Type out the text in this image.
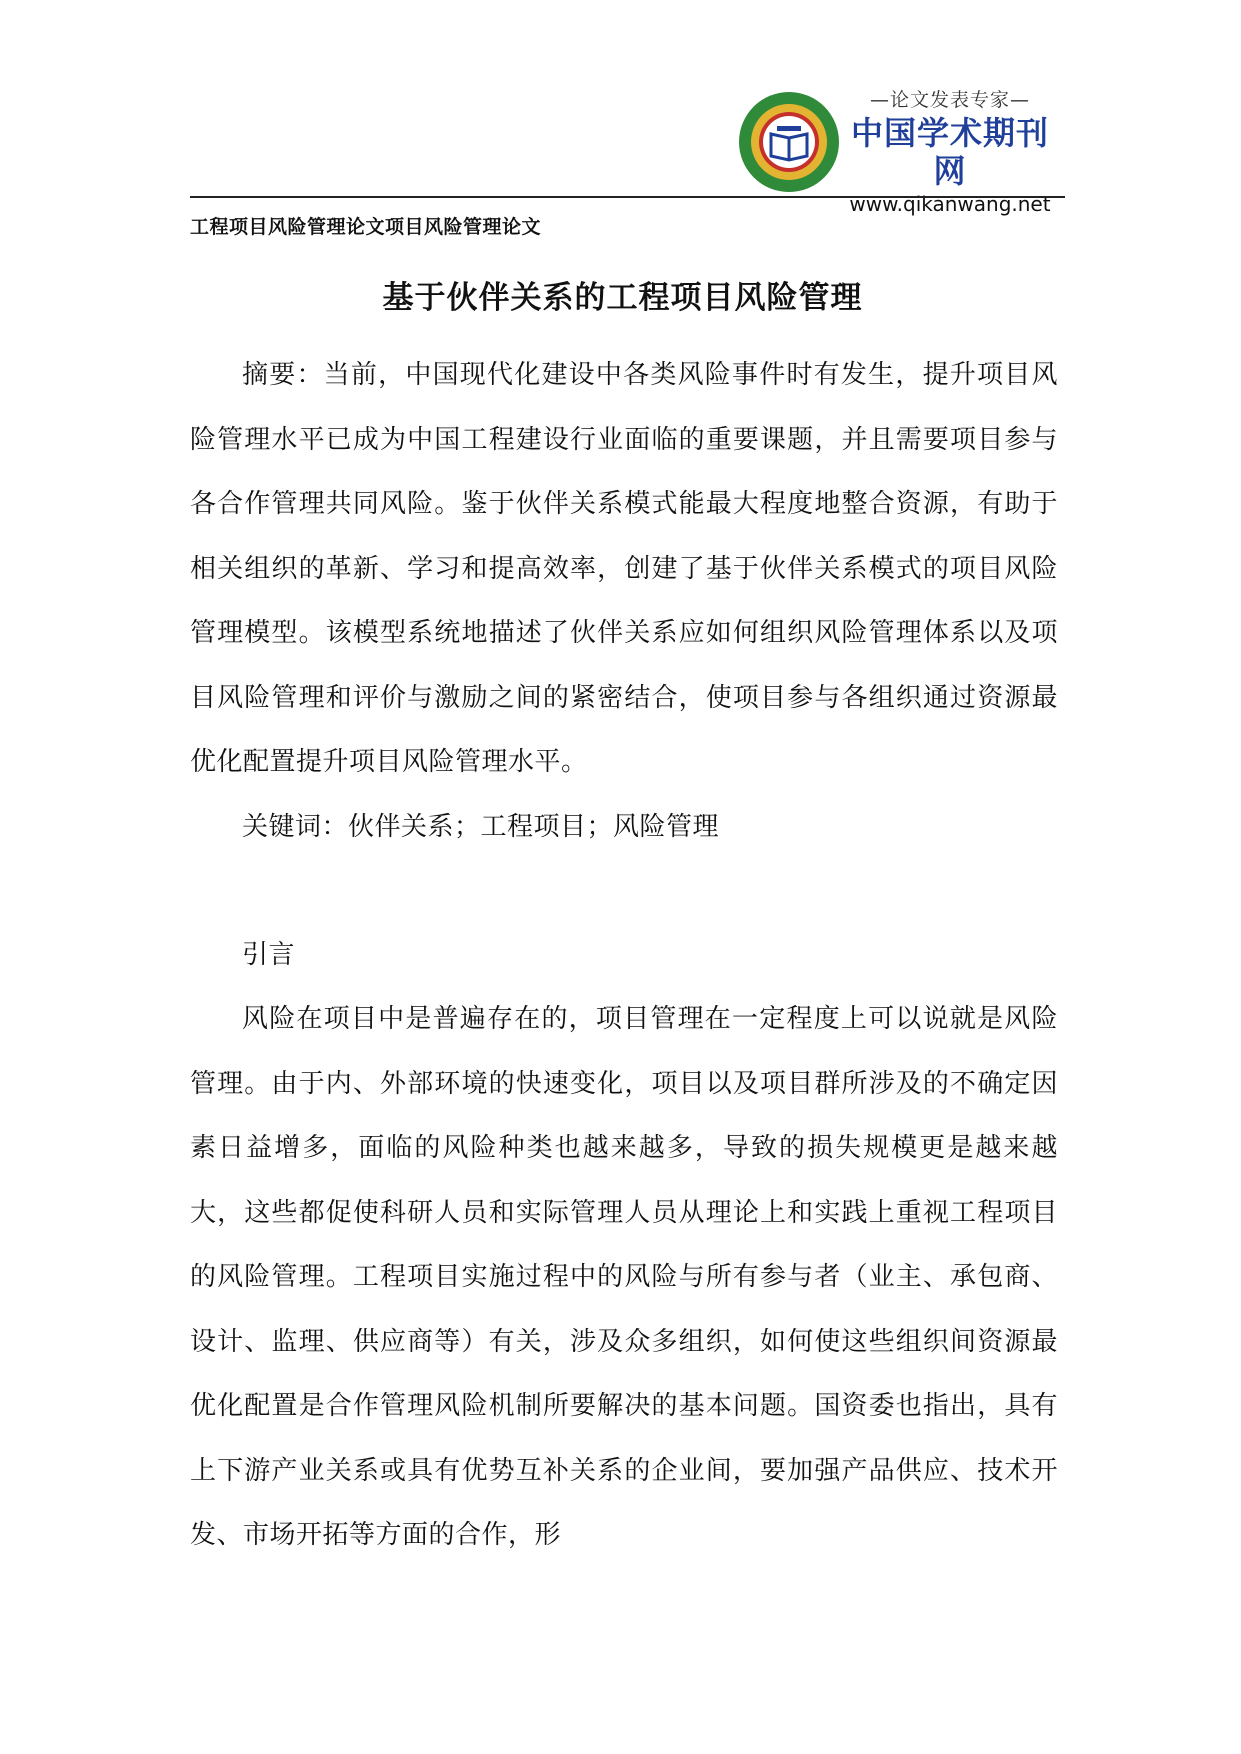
—论文发表专家—
中国学术期刊网
www.qikanwang.net
工程项目风险管理论文项目风险管理论文
基于伙伴关系的工程项目风险管理

摘要：当前，中国现代化建设中各类风险事件时有发生，提升项目风险管理水平已成为中国工程建设行业面临的重要课题，并且需要项目参与各合作管理共同风险。鉴于伙伴关系模式能最大程度地整合资源，有助于相关组织的革新、学习和提高效率，创建了基于伙伴关系模式的项目风险管理模型。该模型系统地描述了伙伴关系应如何组织风险管理体系以及项目风险管理和评价与激励之间的紧密结合，使项目参与各组织通过资源最优化配置提升项目风险管理水平。

关键词：伙伴关系；工程项目；风险管理

引言

风险在项目中是普遍存在的，项目管理在一定程度上可以说就是风险管理。由于内、外部环境的快速变化，项目以及项目群所涉及的不确定因素日益增多，面临的风险种类也越来越多，导致的损失规模更是越来越大，这些都促使科研人员和实际管理人员从理论上和实践上重视工程项目的风险管理。工程项目实施过程中的风险与所有参与者（业主、承包商、设计、监理、供应商等）有关，涉及众多组织，如何使这些组织间资源最优化配置是合作管理风险机制所要解决的基本问题。国资委也指出，具有上下游产业关系或具有优势互补关系的企业间，要加强产品供应、技术开发、市场开拓等方面的合作，形
